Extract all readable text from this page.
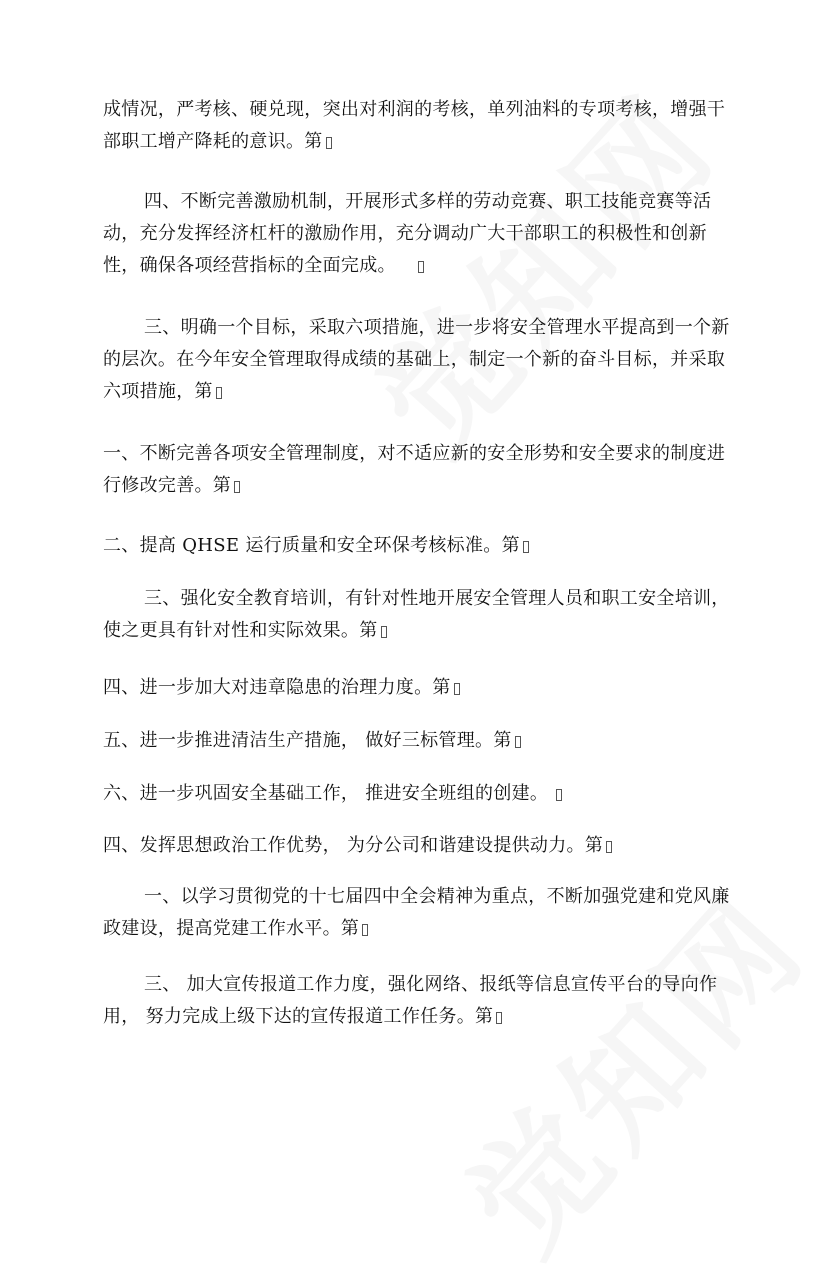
成情况，严考核、硬兑现，突出对利润的考核，单列油料的专项考核，增强干部职工增产降耗的意识。第

四、不断完善激励机制，开展形式多样的劳动竞赛、职工技能竞赛等活动，充分发挥经济杠杆的激励作用，充分调动广大干部职工的积极性和创新性，确保各项经营指标的全面完成。

三、明确一个目标，采取六项措施，进一步将安全管理水平提高到一个新的层次。在今年安全管理取得成绩的基础上，制定一个新的奋斗目标，并采取六项措施，第

一、不断完善各项安全管理制度，对不适应新的安全形势和安全要求的制度进行修改完善。第

二、提高 QHSE 运行质量和安全环保考核标准。第

三、强化安全教育培训，有针对性地开展安全管理人员和职工安全培训，使之更具有针对性和实际效果。第

四、进一步加大对违章隐患的治理力度。第

五、进一步推进清洁生产措施， 做好三标管理。第

六、进一步巩固安全基础工作， 推进安全班组的创建。

四、发挥思想政治工作优势， 为分公司和谐建设提供动力。第

一、以学习贯彻党的十七届四中全会精神为重点，不断加强党建和党风廉政建设，提高党建工作水平。第

三、 加大宣传报道工作力度，强化网络、报纸等信息宣传平台的导向作用， 努力完成上级下达的宣传报道工作任务。第
